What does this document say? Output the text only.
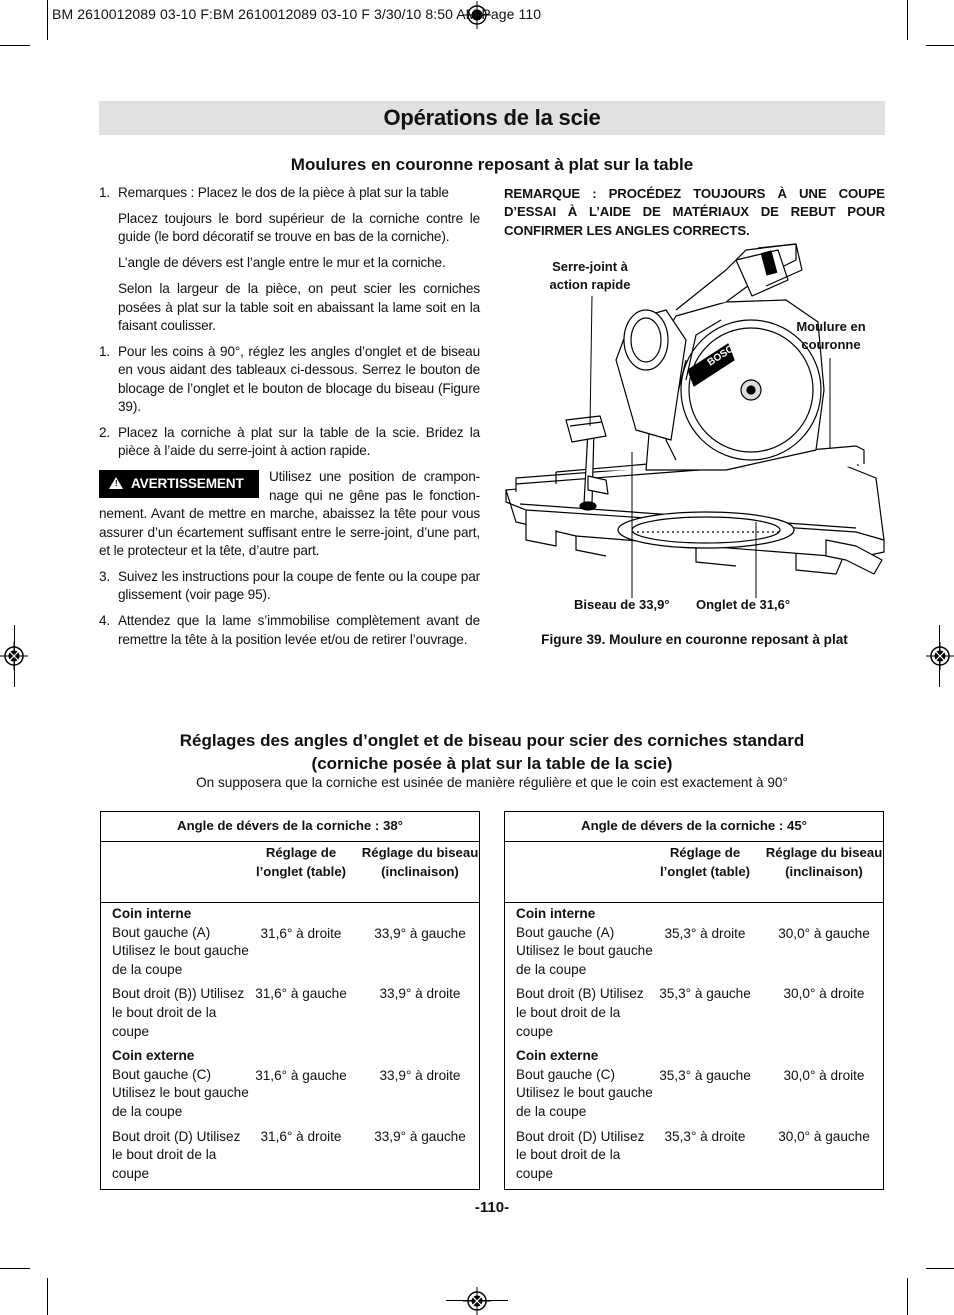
BM 2610012089 03-10 F:BM 2610012089 03-10 F 3/30/10 8:50 AM Page 110
Opérations de la scie
Moulures en couronne reposant à plat sur la table
1. Remarques : Placez le dos de la pièce à plat sur la table
Placez toujours le bord supérieur de la corniche contre le guide (le bord décoratif se trouve en bas de la corniche).
L’angle de dévers est l’angle entre le mur et la corniche.
Selon la largeur de la pièce, on peut scier les corniches posées à plat sur la table soit en abaissant la lame soit en la faisant coulisser.
1. Pour les coins à 90°, réglez les angles d’onglet et de biseau en vous aidant des tableaux ci-dessous. Serrez le bouton de blocage de l’onglet et le bouton de blocage du biseau (Figure 39).
2. Placez la corniche à plat sur la table de la scie. Bridez la pièce à l’aide du serre-joint à action rapide.
! AVERTISSEMENT	Utilisez une position de crampon-nage qui ne gêne pas le fonction-nement. Avant de mettre en marche, abaissez la tête pour vous assurer d’un écartement suffisant entre le serre-joint, d’une part, et le protecteur et la tête, d’autre part.
3. Suivez les instructions pour la coupe de fente ou la coupe par glissement (voir page 95).
4. Attendez que la lame s’immobilise complètement avant de remettre la tête à la position levée et/ou de retirer l’ouvrage.
REMARQUE : PROCÉDEZ TOUJOURS À UNE COUPE D’ESSAI À L’AIDE DE MATÉRIAUX DE REBUT POUR CONFIRMER LES ANGLES CORRECTS.
BOSCH
Serre-joint à action rapide
Moulure en couronne
Biseau de 33,9°	Onglet de 31,6°
Figure 39. Moulure en couronne reposant à plat
Réglages des angles d’onglet et de biseau pour scier des corniches standard
(corniche posée à plat sur la table de la scie)
On supposera que la corniche est usinée de manière régulière et que le coin est exactement à 90°
Angle de dévers de la corniche : 38°
Réglage de l’onglet (table)
Réglage du biseau (inclinaison)
Coin interne
Bout gauche (A) Utilisez le bout gauche de la coupe
31,6° à droite	33,9° à gauche
Bout droit (B)) Utilisez le bout droit de la coupe
31,6° à gauche	33,9° à droite
Coin externe
Bout gauche (C) Utilisez le bout gauche de la coupe
31,6° à gauche	33,9° à droite
Bout droit (D) Utilisez le bout droit de la coupe
31,6° à droite	33,9° à gauche
Angle de dévers de la corniche : 45°
Réglage de l’onglet (table)
Réglage du biseau (inclinaison)
Coin interne
Bout gauche (A) Utilisez le bout gauche de la coupe
35,3° à droite	30,0° à gauche
Bout droit (B) Utilisez le bout droit de la coupe
35,3° à gauche	30,0° à droite
Coin externe
Bout gauche (C) Utilisez le bout gauche de la coupe
35,3° à gauche	30,0° à droite
Bout droit (D) Utilisez le bout droit de la coupe
35,3° à droite	30,0° à gauche
-110-
